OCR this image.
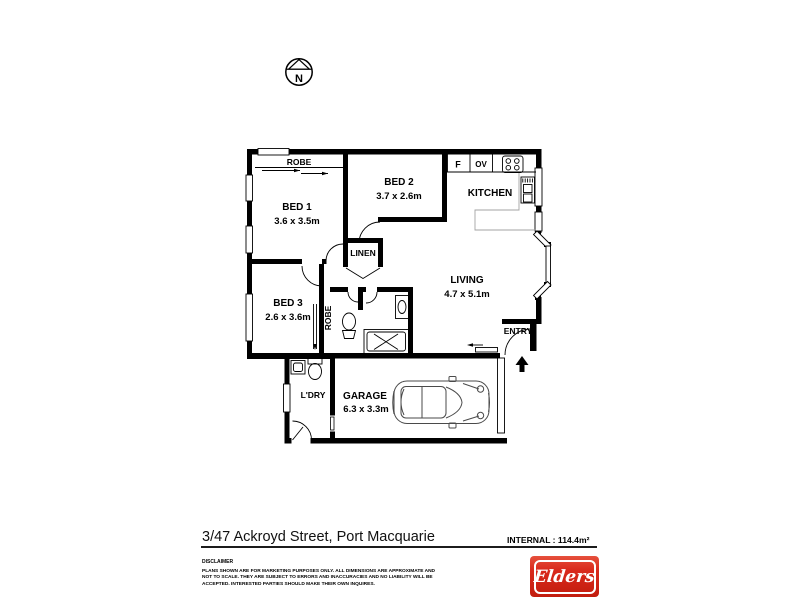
N
ROBE
BED 1
3.6 x 3.5m
BED 2
3.7 x 2.6m	KITCHEN
F OV
LINEN
LIVING
4.7 x 5.1m
BED 3
2.6 x 3.6m ROBE
ENTRY
L'DRY GARAGE
6.3 x 3.3m
3/47 Ackroyd Street, Port Macquarie	INTERNAL : 114.4m²
DISCLAIMER
PLANS SHOWN ARE FOR MARKETING PURPOSES ONLY. ALL DIMENSIONS ARE APPROXIMATE AND
NOT TO SCALE. THEY ARE SUBJECT TO ERRORS AND INACCURACIES AND NO LIABILITY WILL BE
ACCEPTED. INTERESTED PARTIES SHOULD MAKE THEIR OWN INQUIRES.	Elders
